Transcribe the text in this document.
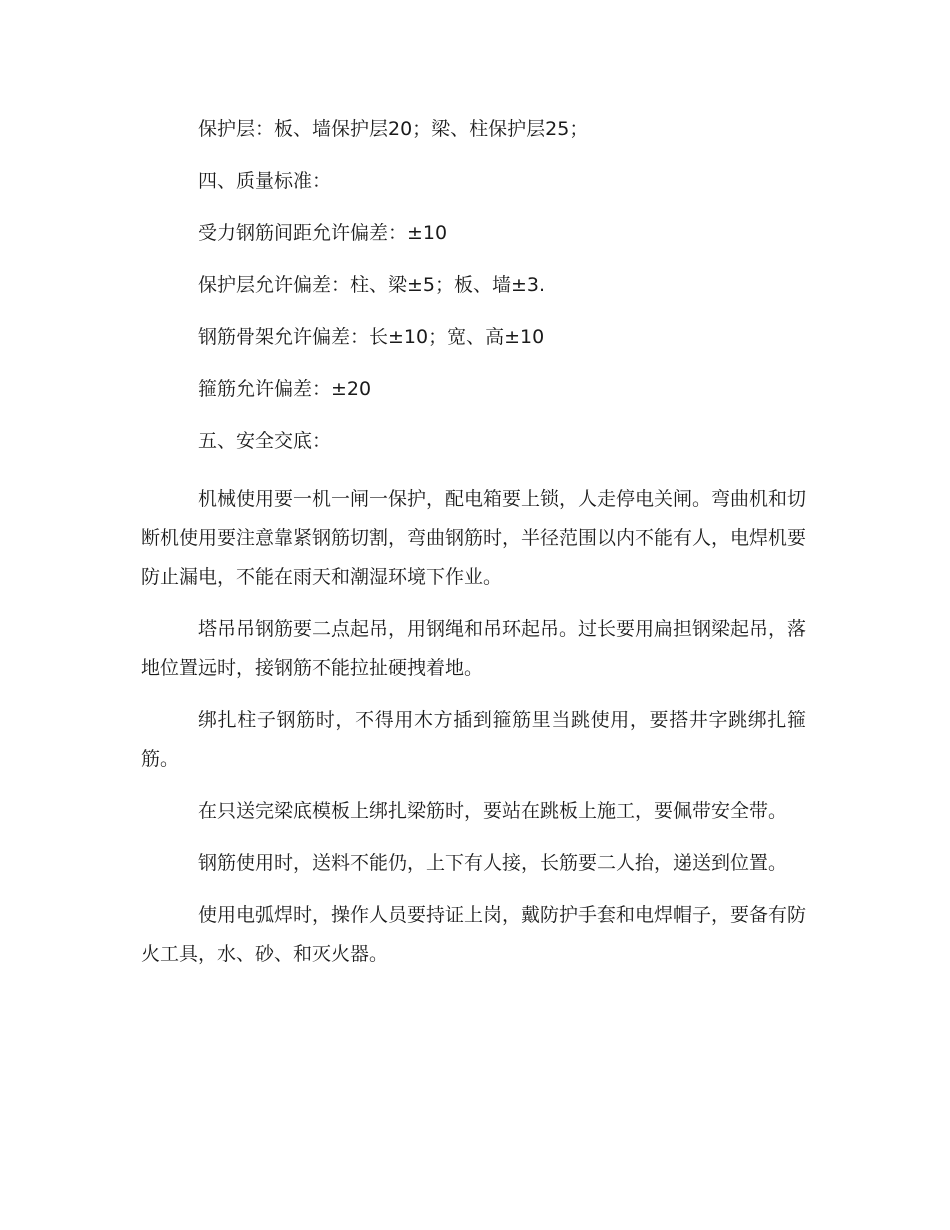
保护层：板、墙保护层20；梁、柱保护层25；

四、质量标准：

受力钢筋间距允许偏差：±10

保护层允许偏差：柱、梁±5；板、墙±3.

钢筋骨架允许偏差：长±10；宽、高±10

箍筋允许偏差：±20

五、安全交底：

机械使用要一机一闸一保护，配电箱要上锁，人走停电关闸。弯曲机和切断机使用要注意靠紧钢筋切割，弯曲钢筋时，半径范围以内不能有人，电焊机要防止漏电，不能在雨天和潮湿环境下作业。

塔吊吊钢筋要二点起吊，用钢绳和吊环起吊。过长要用扁担钢梁起吊，落地位置远时，接钢筋不能拉扯硬拽着地。

绑扎柱子钢筋时，不得用木方插到箍筋里当跳使用，要搭井字跳绑扎箍筋。

在只送完梁底模板上绑扎梁筋时，要站在跳板上施工，要佩带安全带。

钢筋使用时，送料不能仍，上下有人接，长筋要二人抬，递送到位置。

使用电弧焊时，操作人员要持证上岗，戴防护手套和电焊帽子，要备有防火工具，水、砂、和灭火器。
